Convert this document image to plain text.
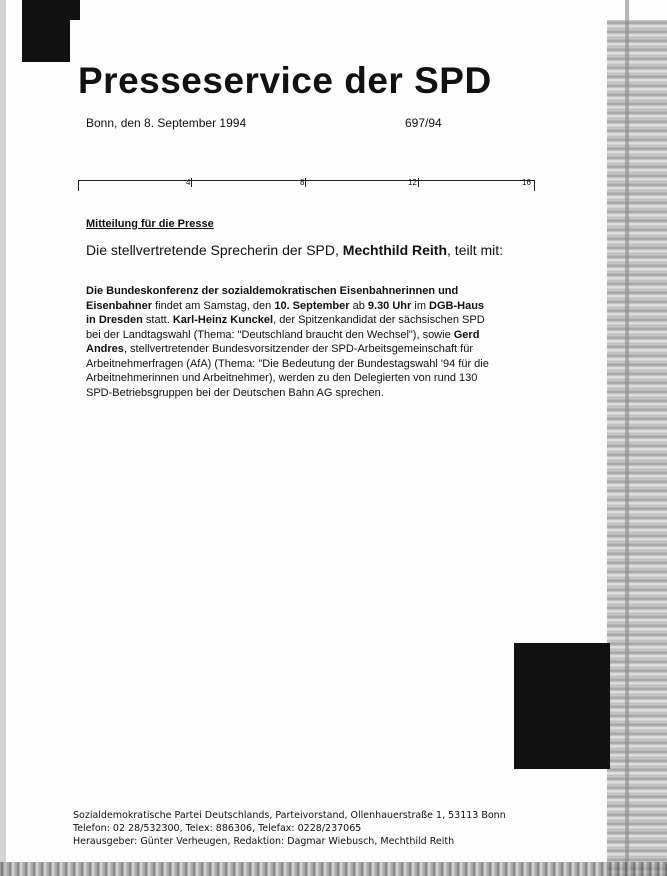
Presseservice der SPD
Bonn, den 8. September 1994	697/94
4	8	12	16
Mitteilung für die Presse
Die stellvertretende Sprecherin der SPD, Mechthild Reith, teilt mit:
Die Bundeskonferenz der sozialdemokratischen Eisenbahnerinnen und Eisenbahner findet am Samstag, den 10. September ab 9.30 Uhr im DGB-Haus in Dresden statt. Karl-Heinz Kunckel, der Spitzenkandidat der sächsischen SPD bei der Landtagswahl (Thema: "Deutschland braucht den Wechsel"), sowie Gerd Andres, stellvertretender Bundesvorsitzender der SPD-Arbeitsgemeinschaft für Arbeitnehmerfragen (AfA) (Thema: "Die Bedeutung der Bundestagswahl '94 für die Arbeitnehmerinnen und Arbeitnehmer), werden zu den Delegierten von rund 130 SPD-Betriebsgruppen bei der Deutschen Bahn AG sprechen.
Sozialdemokratische Partei Deutschlands, Parteivorstand, Ollenhauerstraße 1, 53113 Bonn
Telefon: 02 28/532300, Telex: 886306, Telefax: 0228/237065
Herausgeber: Günter Verheugen, Redaktion: Dagmar Wiebusch, Mechthild Reith
